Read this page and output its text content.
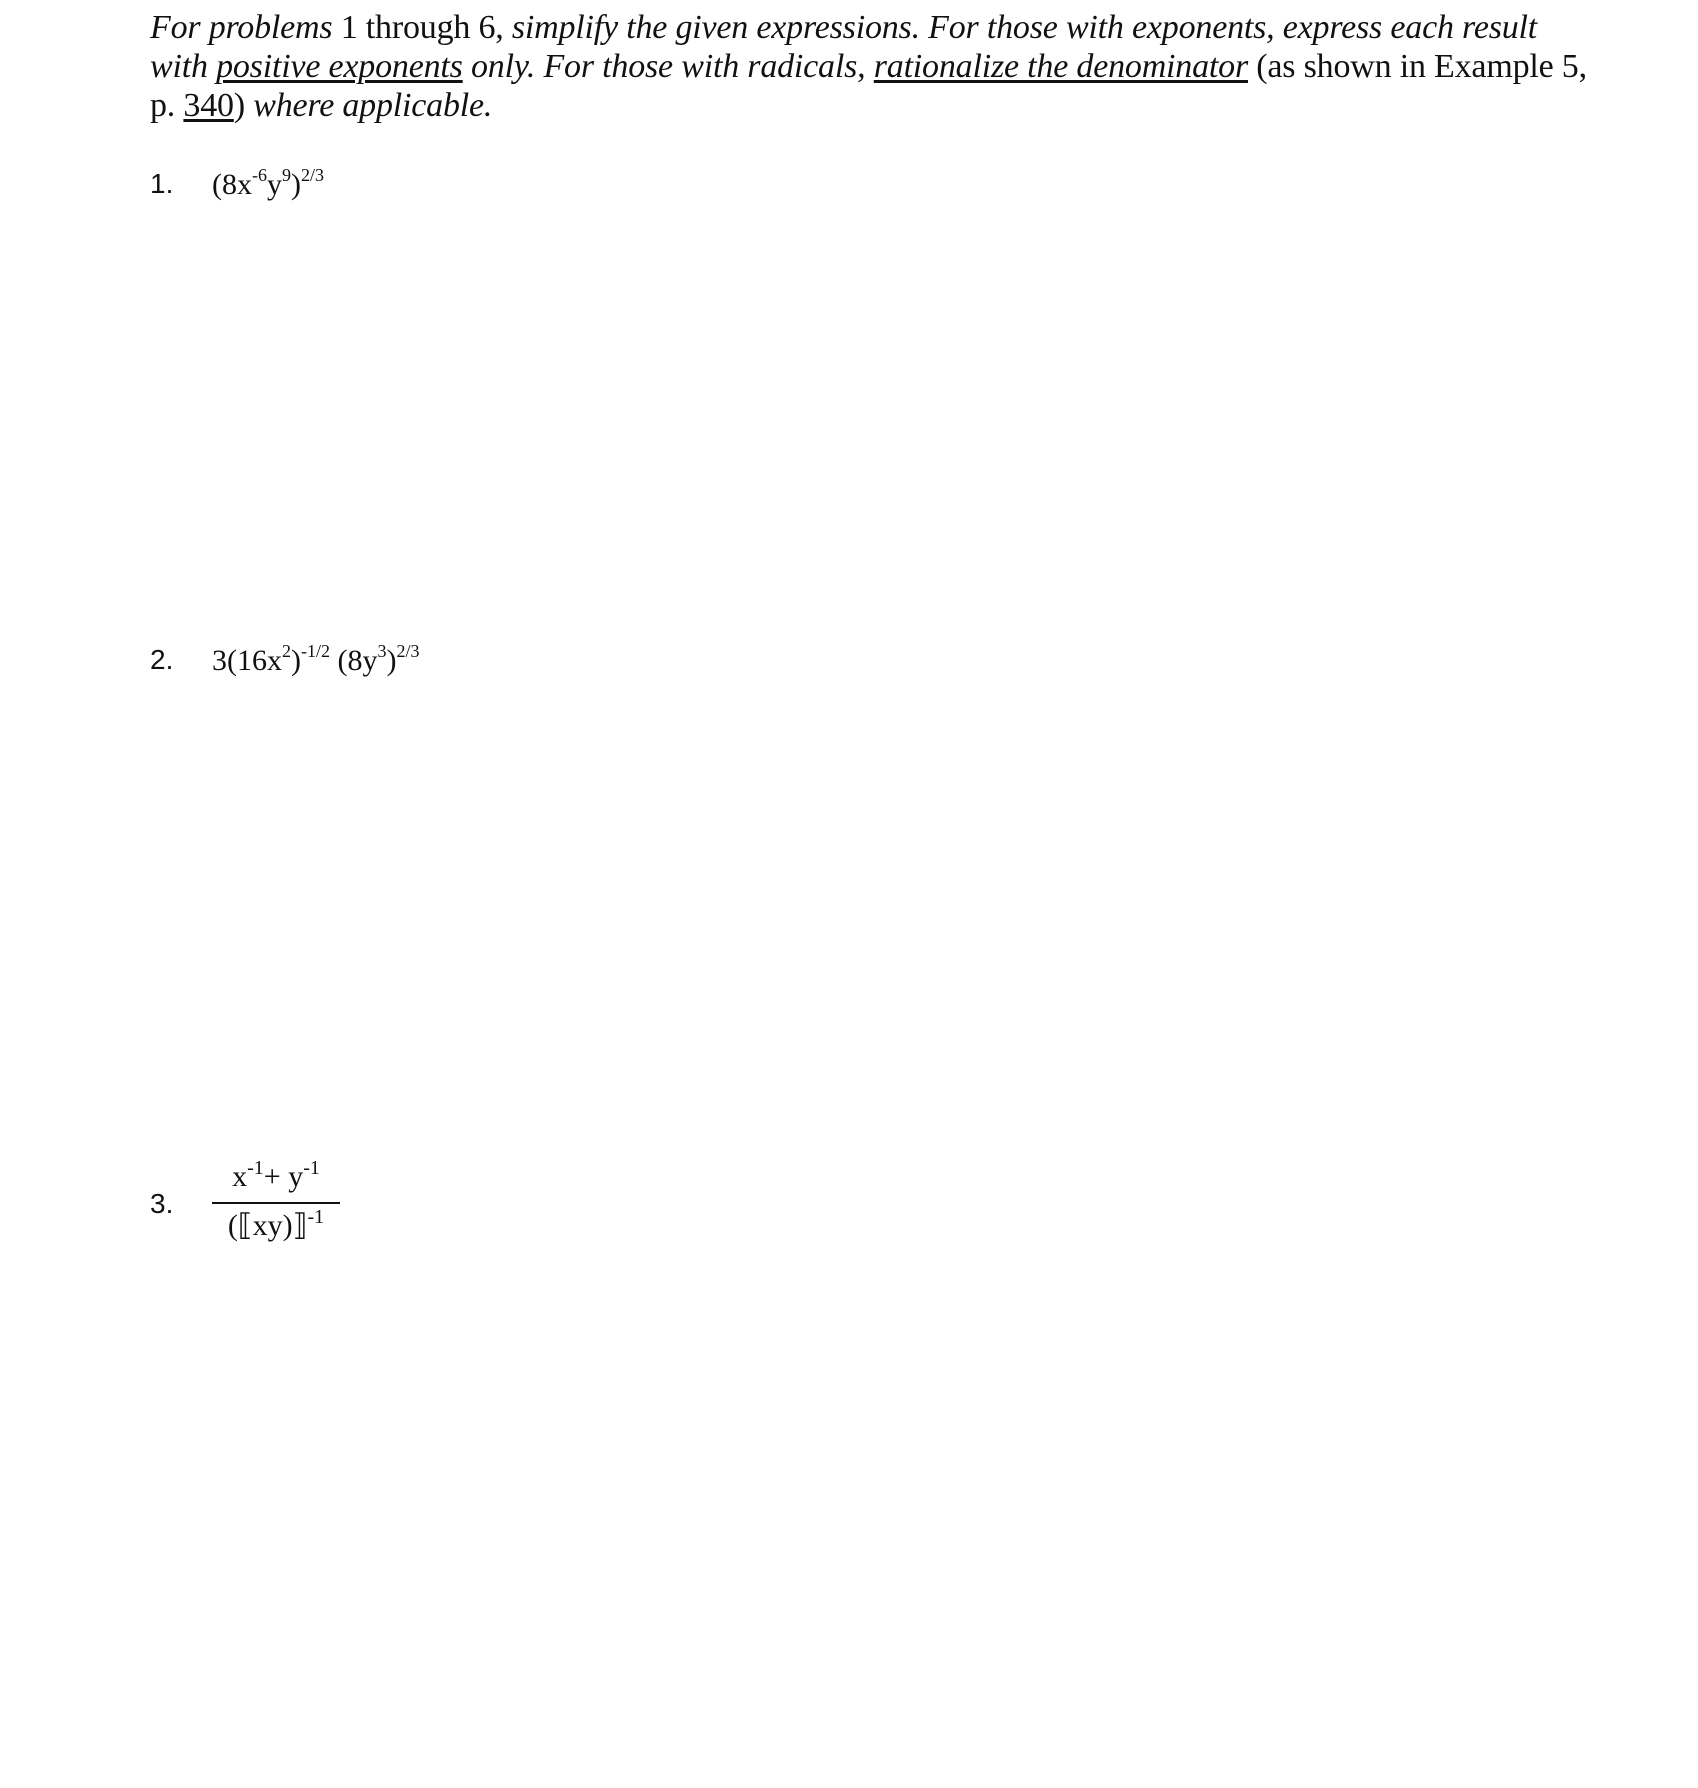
For problems 1 through 6, simplify the given expressions. For those with exponents, express each result with positive exponents only. For those with radicals, rationalize the denominator (as shown in Example 5, p. 340) where applicable.
1. $(8x^{-6}y^9)^{2/3}$
2. $3(16x^2)^{-1/2}$ $(8y^3)^{2/3}$
3.
$x^{-1}+ y^{-1}$
(⟦xy)⟧$^{-1}$
